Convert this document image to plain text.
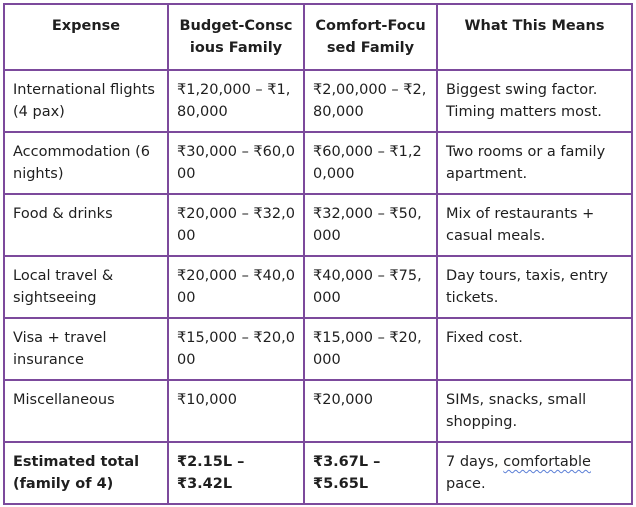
Expense	Budget-Conscious Family	Comfort-Focused Family	What This Means
International flights (4 pax)	₹1,20,000 – ₹1,80,000	₹2,00,000 – ₹2,80,000	Biggest swing factor. Timing matters most.
Accommodation (6 nights)	₹30,000 – ₹60,000	₹60,000 – ₹1,20,000	Two rooms or a family apartment.
Food & drinks	₹20,000 – ₹32,000	₹32,000 – ₹50,000	Mix of restaurants + casual meals.
Local travel & sightseeing	₹20,000 – ₹40,000	₹40,000 – ₹75,000	Day tours, taxis, entry tickets.
Visa + travel insurance	₹15,000 – ₹20,000	₹15,000 – ₹20,000	Fixed cost.
Miscellaneous	₹10,000	₹20,000	SIMs, snacks, small shopping.
Estimated total (family of 4)	₹2.15L – ₹3.42L	₹3.67L – ₹5.65L	7 days, comfortable pace.
